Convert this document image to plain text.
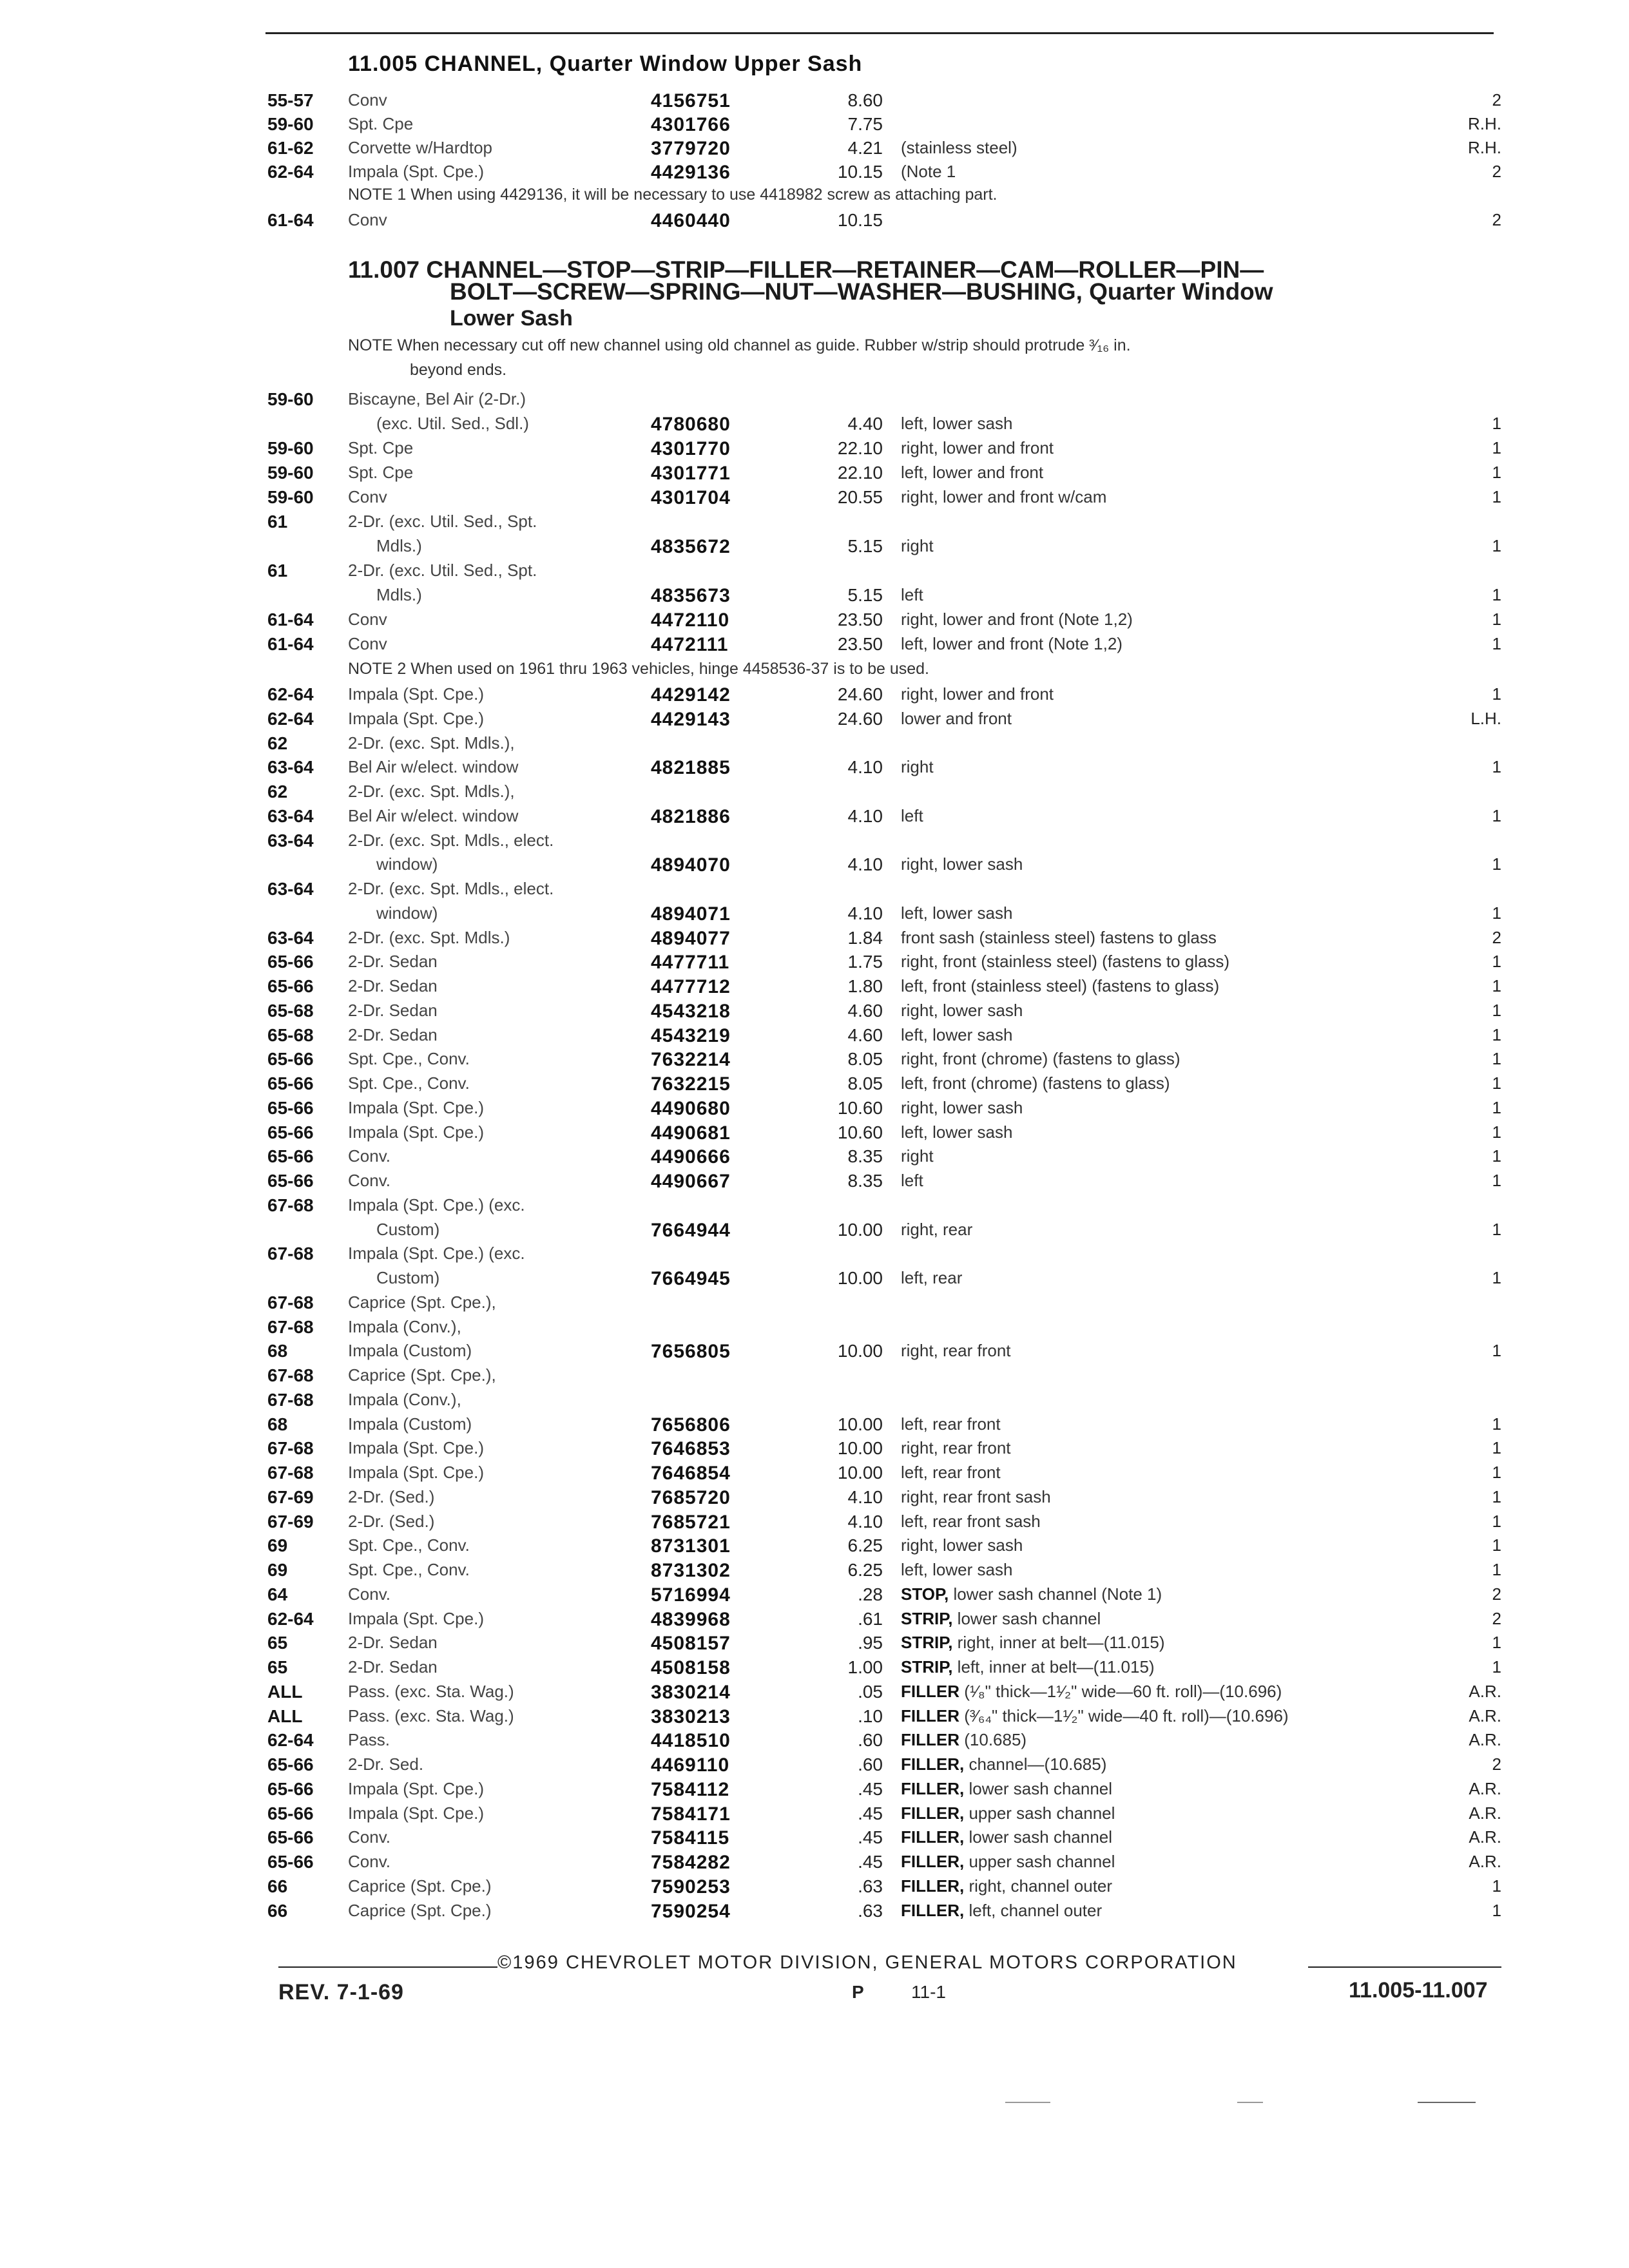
11.005 CHANNEL, Quarter Window Upper Sash
55-57 Conv	4156751	8.60	2
59-60 Spt. Cpe	4301766	7.75	R.H.
61-62 Corvette w/Hardtop	3779720	4.21 (stainless steel)	R.H.
62-64 Impala (Spt. Cpe.)	4429136	10.15 (Note 1	2
NOTE 1 When using 4429136, it will be necessary to use 4418982 screw as attaching part.
61-64 Conv	4460440	10.15	2
11.007 CHANNEL—STOP—STRIP—FILLER—RETAINER—CAM—ROLLER—PIN—
BOLT—SCREW—SPRING—NUT—WASHER—BUSHING, Quarter Window
Lower Sash
NOTE When necessary cut off new channel using old channel as guide. Rubber w/strip should protrude ³⁄₁₆ in.
beyond ends.
59-60 Biscayne, Bel Air (2-Dr.)
(exc. Util. Sed., Sdl.)	4780680	4.40 left, lower sash	1
59-60 Spt. Cpe	4301770	22.10 right, lower and front	1
59-60 Spt. Cpe	4301771	22.10 left, lower and front	1
59-60 Conv	4301704	20.55 right, lower and front w/cam	1
61	2-Dr. (exc. Util. Sed., Spt.
Mdls.)	4835672	5.15 right	1
61	2-Dr. (exc. Util. Sed., Spt.
Mdls.)	4835673	5.15 left	1
61-64 Conv	4472110	23.50 right, lower and front (Note 1,2)	1
61-64 Conv	4472111	23.50 left, lower and front (Note 1,2)	1
NOTE 2 When used on 1961 thru 1963 vehicles, hinge 4458536-37 is to be used.
62-64 Impala (Spt. Cpe.)	4429142	24.60 right, lower and front	1
62-64 Impala (Spt. Cpe.)	4429143	24.60 lower and front	L.H.
62	2-Dr. (exc. Spt. Mdls.),
63-64 Bel Air w/elect. window	4821885	4.10 right	1
62	2-Dr. (exc. Spt. Mdls.),
63-64 Bel Air w/elect. window	4821886	4.10 left	1
63-64 2-Dr. (exc. Spt. Mdls., elect.
window)	4894070	4.10 right, lower sash	1
63-64 2-Dr. (exc. Spt. Mdls., elect.
window)	4894071	4.10 left, lower sash	1
63-64 2-Dr. (exc. Spt. Mdls.)	4894077	1.84 front sash (stainless steel) fastens to glass	2
65-66 2-Dr. Sedan	4477711	1.75 right, front (stainless steel) (fastens to glass)	1
65-66 2-Dr. Sedan	4477712	1.80 left, front (stainless steel) (fastens to glass)	1
65-68 2-Dr. Sedan	4543218	4.60 right, lower sash	1
65-68 2-Dr. Sedan	4543219	4.60 left, lower sash	1
65-66 Spt. Cpe., Conv.	7632214	8.05 right, front (chrome) (fastens to glass)	1
65-66 Spt. Cpe., Conv.	7632215	8.05 left, front (chrome) (fastens to glass)	1
65-66 Impala (Spt. Cpe.)	4490680	10.60 right, lower sash	1
65-66 Impala (Spt. Cpe.)	4490681	10.60 left, lower sash	1
65-66 Conv.	4490666	8.35 right	1
65-66 Conv.	4490667	8.35 left	1
67-68 Impala (Spt. Cpe.) (exc.
Custom)	7664944	10.00 right, rear	1
67-68 Impala (Spt. Cpe.) (exc.
Custom)	7664945	10.00 left, rear	1
67-68 Caprice (Spt. Cpe.),
67-68 Impala (Conv.),
68	Impala (Custom)	7656805	10.00 right, rear front	1
67-68 Caprice (Spt. Cpe.),
67-68 Impala (Conv.),
68	Impala (Custom)	7656806	10.00 left, rear front	1
67-68 Impala (Spt. Cpe.)	7646853	10.00 right, rear front	1
67-68 Impala (Spt. Cpe.)	7646854	10.00 left, rear front	1
67-69 2-Dr. (Sed.)	7685720	4.10 right, rear front sash	1
67-69 2-Dr. (Sed.)	7685721	4.10 left, rear front sash	1
69	Spt. Cpe., Conv.	8731301	6.25 right, lower sash	1
69	Spt. Cpe., Conv.	8731302	6.25 left, lower sash	1
64	Conv.	5716994	.28 STOP, lower sash channel (Note 1)	2
62-64 Impala (Spt. Cpe.)	4839968	.61 STRIP, lower sash channel	2
65	2-Dr. Sedan	4508157	.95 STRIP, right, inner at belt—(11.015)	1
65	2-Dr. Sedan	4508158	1.00 STRIP, left, inner at belt—(11.015)	1
ALL	Pass. (exc. Sta. Wag.)	3830214	.05 FILLER (¹⁄₈" thick—1¹⁄₂" wide—60 ft. roll)—(10.696)	A.R.
ALL	Pass. (exc. Sta. Wag.)	3830213	.10 FILLER (³⁄₆₄" thick—1¹⁄₂" wide—40 ft. roll)—(10.696)	A.R.
62-64 Pass.	4418510	.60 FILLER (10.685)	A.R.
65-66 2-Dr. Sed.	4469110	.60 FILLER, channel—(10.685)	2
65-66 Impala (Spt. Cpe.)	7584112	.45 FILLER, lower sash channel	A.R.
65-66 Impala (Spt. Cpe.)	7584171	.45 FILLER, upper sash channel	A.R.
65-66 Conv.	7584115	.45 FILLER, lower sash channel	A.R.
65-66 Conv.	7584282	.45 FILLER, upper sash channel	A.R.
66	Caprice (Spt. Cpe.)	7590253	.63 FILLER, right, channel outer	1
66	Caprice (Spt. Cpe.)	7590254	.63 FILLER, left, channel outer	1
©1969 CHEVROLET MOTOR DIVISION, GENERAL MOTORS CORPORATION
REV. 7-1-69	P	11-1	11.005-11.007
